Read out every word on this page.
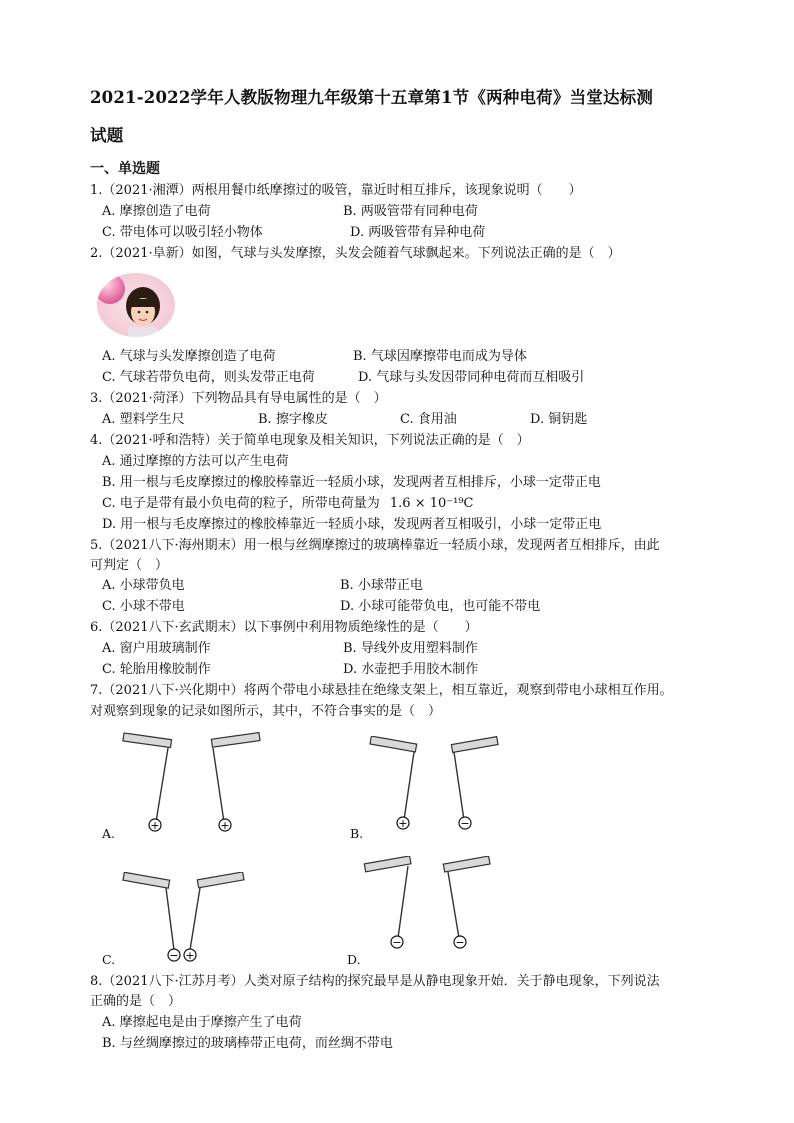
2021-2022学年人教版物理九年级第十五章第1节《两种电荷》当堂达标测
试题
一、单选题
1.（2021·湘潭）两根用餐巾纸摩擦过的吸管，靠近时相互排斥，该现象说明（　　）
A. 摩擦创造了电荷	B. 两吸管带有同种电荷
C. 带电体可以吸引轻小物体	D. 两吸管带有异种电荷
2.（2021·阜新）如图，气球与头发摩擦，头发会随着气球飘起来。下列说法正确的是（　）
A. 气球与头发摩擦创造了电荷	B. 气球因摩擦带电而成为导体
C. 气球若带负电荷，则头发带正电荷	D. 气球与头发因带同种电荷而互相吸引
3.（2021·菏泽）下列物品具有导电属性的是（　）
A. 塑料学生尺	B. 擦字橡皮	C. 食用油	D. 铜钥匙
4.（2021·呼和浩特）关于简单电现象及相关知识，下列说法正确的是（　）
A. 通过摩擦的方法可以产生电荷
B. 用一根与毛皮摩擦过的橡胶棒靠近一轻质小球，发现两者互相排斥，小球一定带正电
C. 电子是带有最小负电荷的粒子，所带电荷量为 1.6 × 10⁻¹⁹C
D. 用一根与毛皮摩擦过的橡胶棒靠近一轻质小球，发现两者互相吸引，小球一定带正电
5.（2021八下·海州期末）用一根与丝绸摩擦过的玻璃棒靠近一轻质小球，发现两者互相排斥，由此
可判定（　）
A. 小球带负电	B. 小球带正电
C. 小球不带电	D. 小球可能带负电，也可能不带电
6.（2021八下·玄武期末）以下事例中利用物质绝缘性的是（　　）
A. 窗户用玻璃制作	B. 导线外皮用塑料制作
C. 轮胎用橡胶制作	D. 水壶把手用胶木制作
7.（2021八下·兴化期中）将两个带电小球悬挂在绝缘支架上，相互靠近，观察到带电小球相互作用。
对观察到现象的记录如图所示，其中，不符合事实的是（　）
+	+
A.
+	−
B.
− +
C.
−	−
D.
8.（2021八下·江苏月考）人类对原子结构的探究最早是从静电现象开始．关于静电现象，下列说法
正确的是（　）
A. 摩擦起电是由于摩擦产生了电荷
B. 与丝绸摩擦过的玻璃棒带正电荷，而丝绸不带电
